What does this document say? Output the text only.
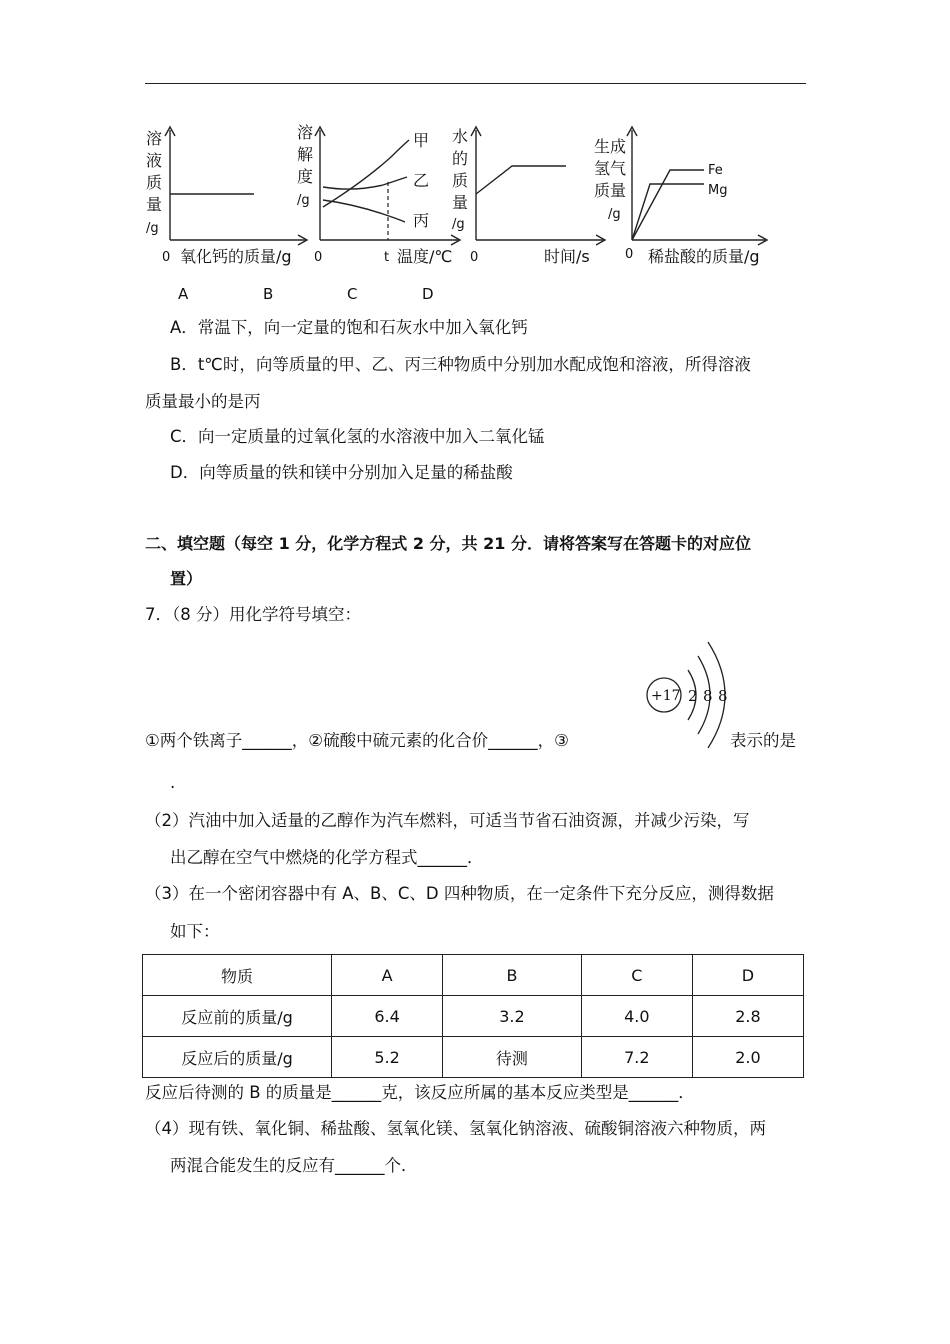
溶
液
质
量
/g
0 氧化钙的质量/g
溶
解
度
/g
甲
乙
丙
0	t 温度/℃
水
的
质
量
/g
0	时间/s
生成
氢气
质量
/g
Fe
Mg
0 稀盐酸的质量/g
A	B	C	D
A．常温下，向一定量的饱和石灰水中加入氧化钙
B．t℃时，向等质量的甲、乙、丙三种物质中分别加水配成饱和溶液，所得溶液
质量最小的是丙
C．向一定质量的过氧化氢的水溶液中加入二氧化锰
D．向等质量的铁和镁中分别加入足量的稀盐酸
二、填空题（每空 1 分，化学方程式 2 分，共 21 分．请将答案写在答题卡的对应位
置）
7．（8 分）用化学符号填空：
+17 2 8 8
①两个铁离子______，②硫酸中硫元素的化合价______，③	表示的是
.
（2）汽油中加入适量的乙醇作为汽车燃料，可适当节省石油资源，并减少污染，写
出乙醇在空气中燃烧的化学方程式______．
（3）在一个密闭容器中有 A、B、C、D 四种物质，在一定条件下充分反应，测得数据
如下：
物质	A	B	C	D
反应前的质量/g	6.4	3.2	4.0	2.8
反应后的质量/g	5.2	待测	7.2	2.0
反应后待测的 B 的质量是______克，该反应所属的基本反应类型是______．
（4）现有铁、氧化铜、稀盐酸、氢氧化镁、氢氧化钠溶液、硫酸铜溶液六种物质，两
两混合能发生的反应有______个．
